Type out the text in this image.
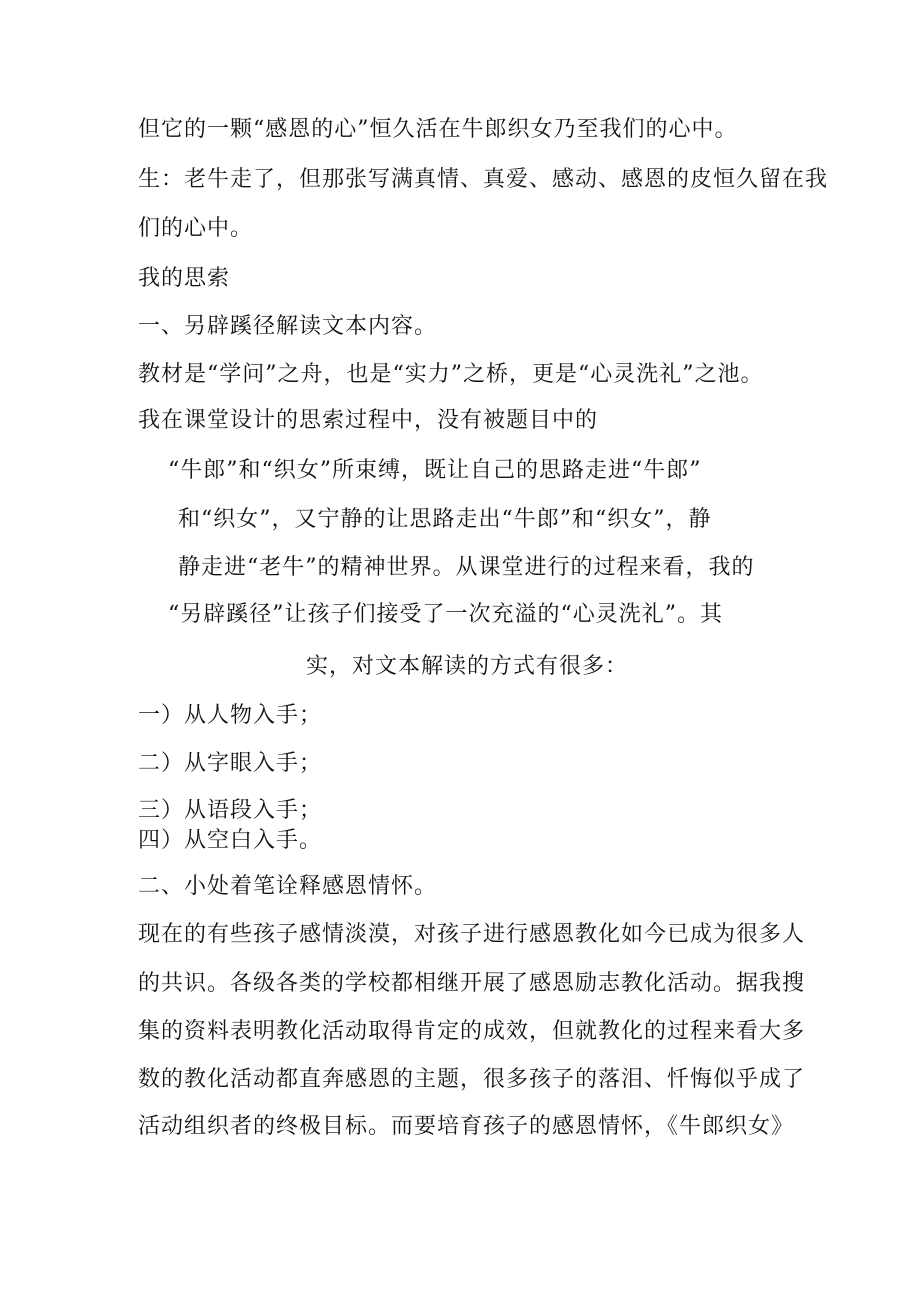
但它的一颗“感恩的心”恒久活在牛郎织女乃至我们的心中。
生：老牛走了，但那张写满真情、真爱、感动、感恩的皮恒久留在我
们的心中。
我的思索
一、另辟蹊径解读文本内容。
教材是“学问”之舟，也是“实力”之桥，更是“心灵洗礼”之池。
我在课堂设计的思索过程中，没有被题目中的
“牛郎”和“织女”所束缚，既让自己的思路走进“牛郎”
和“织女”，又宁静的让思路走出“牛郎”和“织女”，静
静走进“老牛”的精神世界。从课堂进行的过程来看，我的
“另辟蹊径”让孩子们接受了一次充溢的“心灵洗礼”。其
实，对文本解读的方式有很多：
一）从人物入手；
二）从字眼入手；
三）从语段入手；
四）从空白入手。
二、小处着笔诠释感恩情怀。
现在的有些孩子感情淡漠，对孩子进行感恩教化如今已成为很多人
的共识。各级各类的学校都相继开展了感恩励志教化活动。据我搜
集的资料表明教化活动取得肯定的成效，但就教化的过程来看大多
数的教化活动都直奔感恩的主题，很多孩子的落泪、忏悔似乎成了
活动组织者的终极目标。而要培育孩子的感恩情怀，《牛郎织女》
